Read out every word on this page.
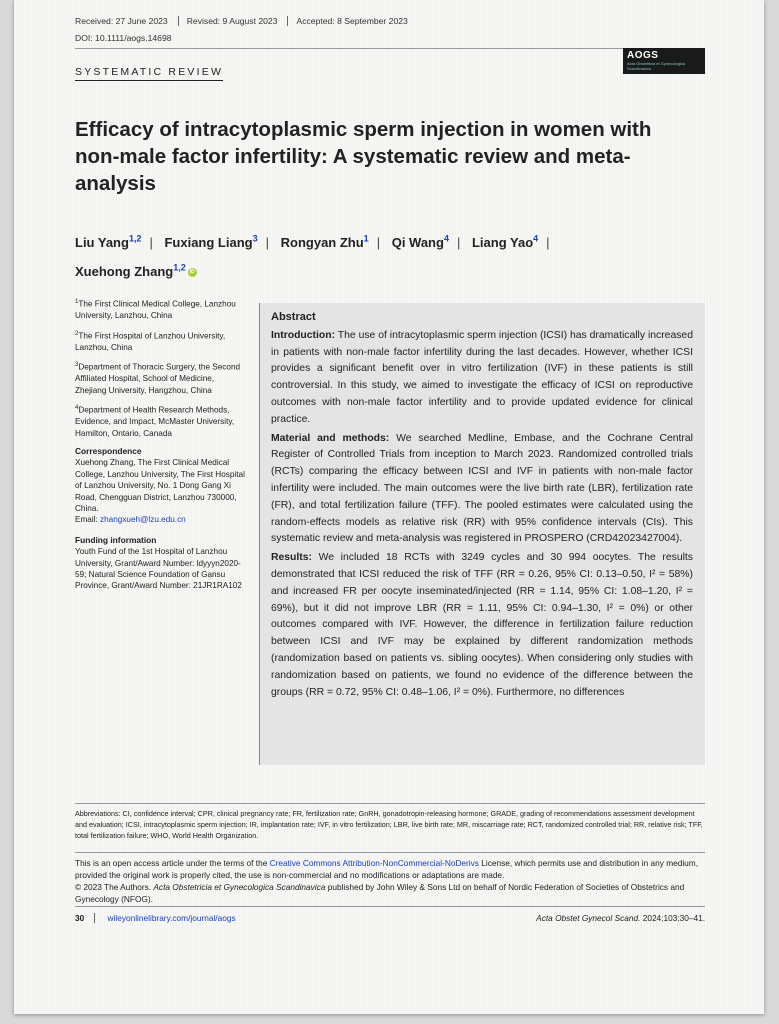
Received: 27 June 2023	Revised: 9 August 2023	Accepted: 8 September 2023
DOI: 10.1111/aogs.14698
AOGS
Acta Obstetricia et Gynecologica Scandinavica
SYSTEMATIC REVIEW
Efficacy of intracytoplasmic sperm injection in women with non-male factor infertility: A systematic review and meta-analysis
Liu Yang$^{1,2}$ | Fuxiang Liang$^3$ | Rongyan Zhu$^1$ | Qi Wang$^4$ | Liang Yao$^4$ |
Xuehong Zhang$^{1,2}$ iD
$^1$The First Clinical Medical College, Lanzhou University, Lanzhou, China
$^2$The First Hospital of Lanzhou University, Lanzhou, China
$^3$Department of Thoracic Surgery, the Second Affiliated Hospital, School of Medicine, Zhejiang University, Hangzhou, China
$^4$Department of Health Research Methods, Evidence, and Impact, McMaster University, Hamilton, Ontario, Canada
Correspondence
Xuehong Zhang, The First Clinical Medical College, Lanzhou University, The First Hospital of Lanzhou University, No. 1 Dong Gang Xi Road, Chengguan District, Lanzhou 730000, China.
Email: zhangxueh@lzu.edu.cn
Funding information
Youth Fund of the 1st Hospital of Lanzhou University, Grant/Award Number: ldyyyn2020-59; Natural Science Foundation of Gansu Province, Grant/Award Number: 21JR1RA102
Abstract

Introduction: The use of intracytoplasmic sperm injection (ICSI) has dramatically increased in patients with non-male factor infertility during the last decades. However, whether ICSI provides a significant benefit over in vitro fertilization (IVF) in these patients is still controversial. In this study, we aimed to investigate the efficacy of ICSI on reproductive outcomes with non-male factor infertility and to provide updated evidence for clinical practice.

Material and methods: We searched Medline, Embase, and the Cochrane Central Register of Controlled Trials from inception to March 2023. Randomized controlled trials (RCTs) comparing the efficacy between ICSI and IVF in patients with non-male factor infertility were included. The main outcomes were the live birth rate (LBR), fertilization rate (FR), and total fertilization failure (TFF). The pooled estimates were calculated using the random-effects models as relative risk (RR) with 95% confidence intervals (CIs). This systematic review and meta-analysis was registered in PROSPERO (CRD42023427004).

Results: We included 18 RCTs with 3249 cycles and 30 994 oocytes. The results demonstrated that ICSI reduced the risk of TFF (RR = 0.26, 95% CI: 0.13–0.50, I² = 58%) and increased FR per oocyte inseminated/injected (RR = 1.14, 95% CI: 1.08–1.20, I² = 69%), but it did not improve LBR (RR = 1.11, 95% CI: 0.94–1.30, I² = 0%) or other outcomes compared with IVF. However, the difference in fertilization failure reduction between ICSI and IVF may be explained by different randomization methods (randomization based on patients vs. sibling oocytes). When considering only studies with randomization based on patients, we found no evidence of the difference between the groups (RR = 0.72, 95% CI: 0.48–1.06, I² = 0%). Furthermore, no differences

Abbreviations: CI, confidence interval; CPR, clinical pregnancy rate; FR, fertilization rate; GnRH, gonadotropin-releasing hormone; GRADE, grading of recommendations assessment development and evaluation; ICSI, intracytoplasmic sperm injection; IR, implantation rate; IVF, in vitro fertilization; LBR, live birth rate; MR, miscarriage rate; RCT, randomized controlled trial; RR, relative risk; TFF, total fertilization failure; WHO, World Health Organization.
This is an open access article under the terms of the Creative Commons Attribution-NonCommercial-NoDerivs License, which permits use and distribution in any medium, provided the original work is properly cited, the use is non-commercial and no modifications or adaptations are made.
© 2023 The Authors. Acta Obstetricia et Gynecologica Scandinavica published by John Wiley & Sons Ltd on behalf of Nordic Federation of Societies of Obstetrics and Gynecology (NFOG).
30	wileyonlinelibrary.com/journal/aogs	Acta Obstet Gynecol Scand. 2024;103:30–41.
